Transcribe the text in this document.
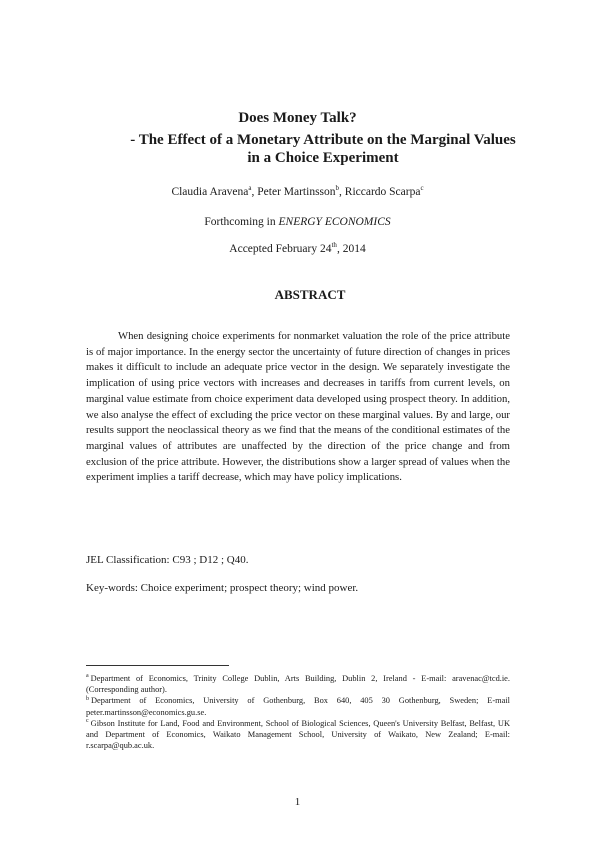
Does Money Talk?
- The Effect of a Monetary Attribute on the Marginal Values in a Choice Experiment
Claudia Aravena$^a$, Peter Martinsson$^b$, Riccardo Scarpa$^c$
Forthcoming in ENERGY ECONOMICS
Accepted February 24th, 2014
ABSTRACT
When designing choice experiments for nonmarket valuation the role of the price attribute is of major importance. In the energy sector the uncertainty of future direction of changes in prices makes it difficult to include an adequate price vector in the design. We separately investigate the implication of using price vectors with increases and decreases in tariffs from current levels, on marginal value estimate from choice experiment data developed using prospect theory. In addition, we also analyse the effect of excluding the price vector on these marginal values. By and large, our results support the neoclassical theory as we find that the means of the conditional estimates of the marginal values of attributes are unaffected by the direction of the price change and from exclusion of the price attribute. However, the distributions show a larger spread of values when the experiment implies a tariff decrease, which may have policy implications.
JEL Classification: C93 ; D12 ; Q40.
Key-words: Choice experiment; prospect theory; wind power.

$^a$ Department of Economics, Trinity College Dublin, Arts Building, Dublin 2, Ireland - E-mail: aravenac@tcd.ie. (Corresponding author).

$^b$ Department of Economics, University of Gothenburg, Box 640, 405 30 Gothenburg, Sweden; E-mail peter.martinsson@economics.gu.se.

$^c$ Gibson Institute for Land, Food and Environment, School of Biological Sciences, Queen's University Belfast, Belfast, UK and Department of Economics, Waikato Management School, University of Waikato, New Zealand; E-mail: r.scarpa@qub.ac.uk.

1
